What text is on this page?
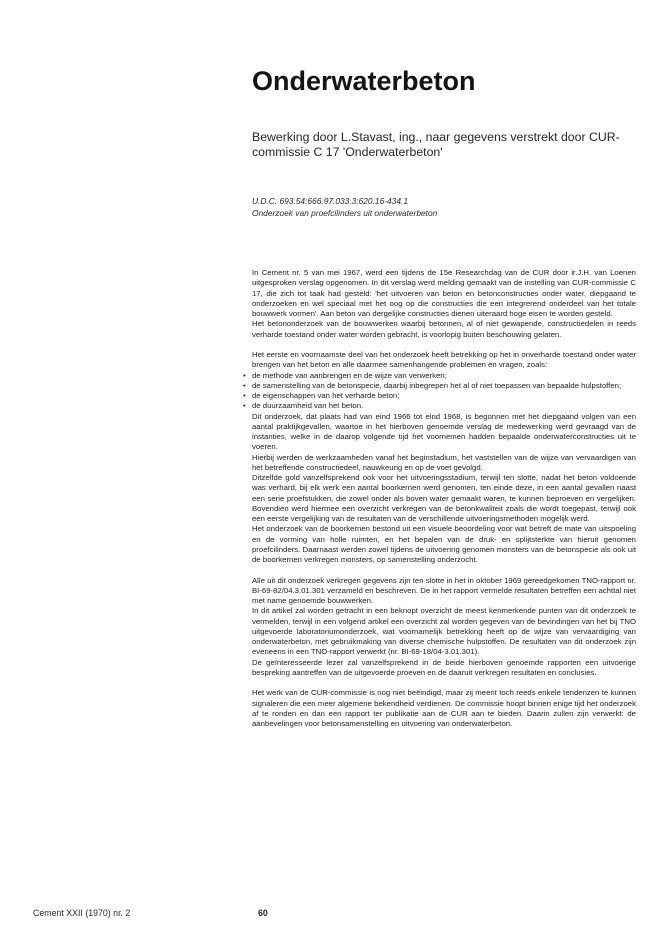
Onderwaterbeton

Bewerking door L.Stavast, ing., naar gegevens verstrekt door CUR-commissie C 17 'Onderwaterbeton'

U.D.C. 693.54:666.97.033.3:620.16-434.1
Onderzoek van proefcilinders uit onderwaterbeton

In Cement nr. 5 van mei 1967, werd een tijdens de 15e Researchdag van de CUR door ir.J.H. van Loenen uitgesproken verslag opgenomen. In dit verslag werd melding gemaakt van de instelling van CUR-commissie C 17, die zich tot taak had gesteld: 'het uitvoeren van beton en betonconstructies onder water, diepgaand te onderzoeken en wel speciaal met het oog op die constructies die een integrerend onderdeel van het totale bouwwerk vormen'. Aan beton van dergelijke constructies dienen uiteraard hoge eisen te worden gesteld.

Het betononderzoek van de bouwwerken waarbij betonnen, al of niet gewapende, constructiedelen in reeds verharde toestand onder water worden gebracht, is voorlopig buiten beschouwing gelaten.

Het eerste en voornaamste deel van het onderzoek heeft betrekking op het in onverharde toestand onder water brengen van het beton en alle daarmee samenhangende problemen en vragen, zoals:

• de methode van aanbrengen en de wijze van verwerken;
• de samenstelling van de betonspecie, daarbij inbegrepen het al of niet toepassen van bepaalde hulpstoffen;
• de eigenschappen van het verharde beton;
• de duurzaamheid van het beton.

Dit onderzoek, dat plaats had van eind 1966 tot eind 1968, is begonnen met het diepgaand volgen van een aantal praktijkgevallen, waartoe in het hierboven genoemde verslag de medewerking werd gevraagd van de instanties, welke in de daarop volgende tijd het voornemen hadden bepaalde onderwaterconstructies uit te voeren.

Hierbij werden de werkzaamheden vanaf het beginstadium, het vaststellen van de wijze van vervaardigen van het betreffende constructiedeel, nauwkeurig en op de voet gevolgd.

Ditzelfde gold vanzelfsprekend ook voor het uitvoeringsstadium, terwijl ten slotte, nadat het beton voldoende was verhard, bij elk werk een aantal boorkernen werd genomen, ten einde deze, in een aantal gevallen naast een serie proefstukken, die zowel onder als boven water gemaakt waren, te kunnen beproeven en vergelijken. Bovendien werd hiermee een overzicht verkregen van de betonkwaliteit zoals die wordt toegepast, terwijl ook een eerste vergelijking van de resultaten van de verschillende uitvoeringsmethoden mogelijk werd.

Het onderzoek van de boorkernen bestond uit een visuele beoordeling voor wat betreft de mate van uitspoeling en de vorming van holle ruimten, en het bepalen van de druk- en splijtsterkte van hieruit genomen proefcilinders. Daarnaast werden zowel tijdens de uitvoering genomen monsters van de betonspecie als ook uit de boorkernen verkregen monsters, op samenstelling onderzocht.

Alle uit dit onderzoek verkregen gegevens zijn ten slotte in het in oktober 1969 gereedgekomen TNO-rapport nr. BI-69-82/04.3.01.301 verzameld en beschreven. De in het rapport vermelde resultaten betreffen een achttal niet met name genoemde bouwwerken.

In dit artikel zal worden getracht in een beknopt overzicht de meest kenmerkende punten van dit onderzoek te vermelden, terwijl in een volgend artikel een overzicht zal worden gegeven van de bevindingen van het bij TNO uitgevoerde laboratoriumonderzoek, wat voornamelijk betrekking heeft op de wijze van vervaardiging van onderwaterbeton, met gebruikmaking van diverse chemische hulpstoffen. De resultaten van dit onderzoek zijn eveneens in een TNO-rapport verwerkt (nr. BI-69-18/04-3.01.301).

De geïnteresseerde lezer zal vanzelfsprekend in de beide hierboven genoemde rapporten een uitvoerige bespreking aantreffen van de uitgevoerde proeven en de daaruit verkregen resultaten en conclusies.

Het werk van de CUR-commissie is nog niet beëindigd, maar zij meent toch reeds enkele tendenzen te kunnen signaleren die een meer algemene bekendheid verdienen. De commissie hoopt binnen enige tijd het onderzoek af te ronden en dan een rapport ter publikatie aan de CUR aan te bieden. Daarin zullen zijn verwerkt: de aanbevelingen voor betonsamenstelling en uitvoering van onderwaterbeton.

Cement XXII (1970) nr. 2	60
